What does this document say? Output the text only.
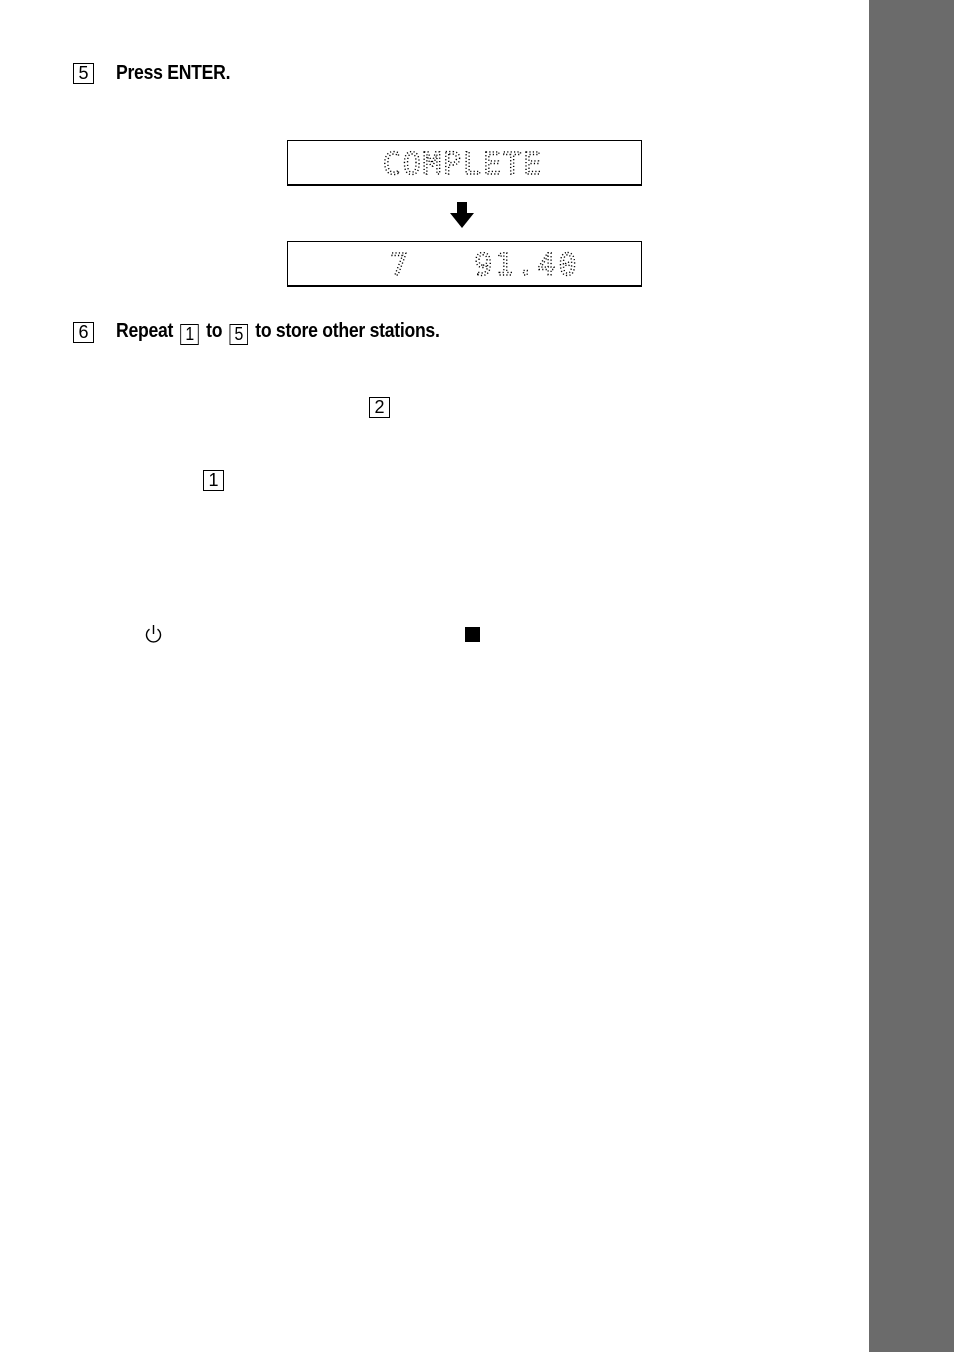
5 Press ENTER.
COMPLETE
7   91.40
6 Repeat 1 to 5 to store other stations.
2
1
